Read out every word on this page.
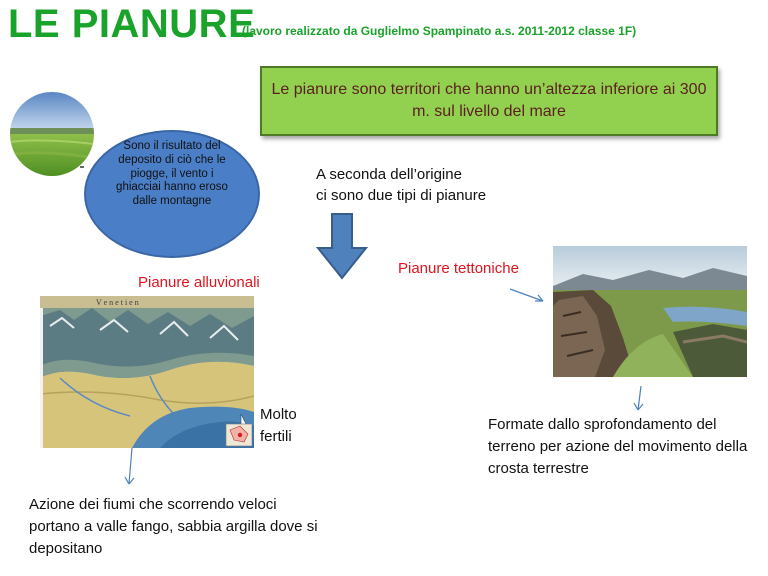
LE PIANURE
(lavoro realizzato da Guglielmo Spampinato a.s. 2011-2012 classe 1F)
Le pianure sono territori che hanno un’altezza inferiore ai 300 m. sul livello del mare
Sono il risultato del deposito di ciò che le piogge, il vento i ghiacciai hanno eroso dalle montagne
A seconda dell’origine
ci sono due tipi di pianure
Pianure alluvionali
Pianure tettoniche
V e n e t i e n
Molto
fertili
Azione dei fiumi che scorrendo veloci portano a valle fango, sabbia argilla dove si depositano
Formate dallo sprofondamento del terreno per azione del movimento della crosta terrestre
